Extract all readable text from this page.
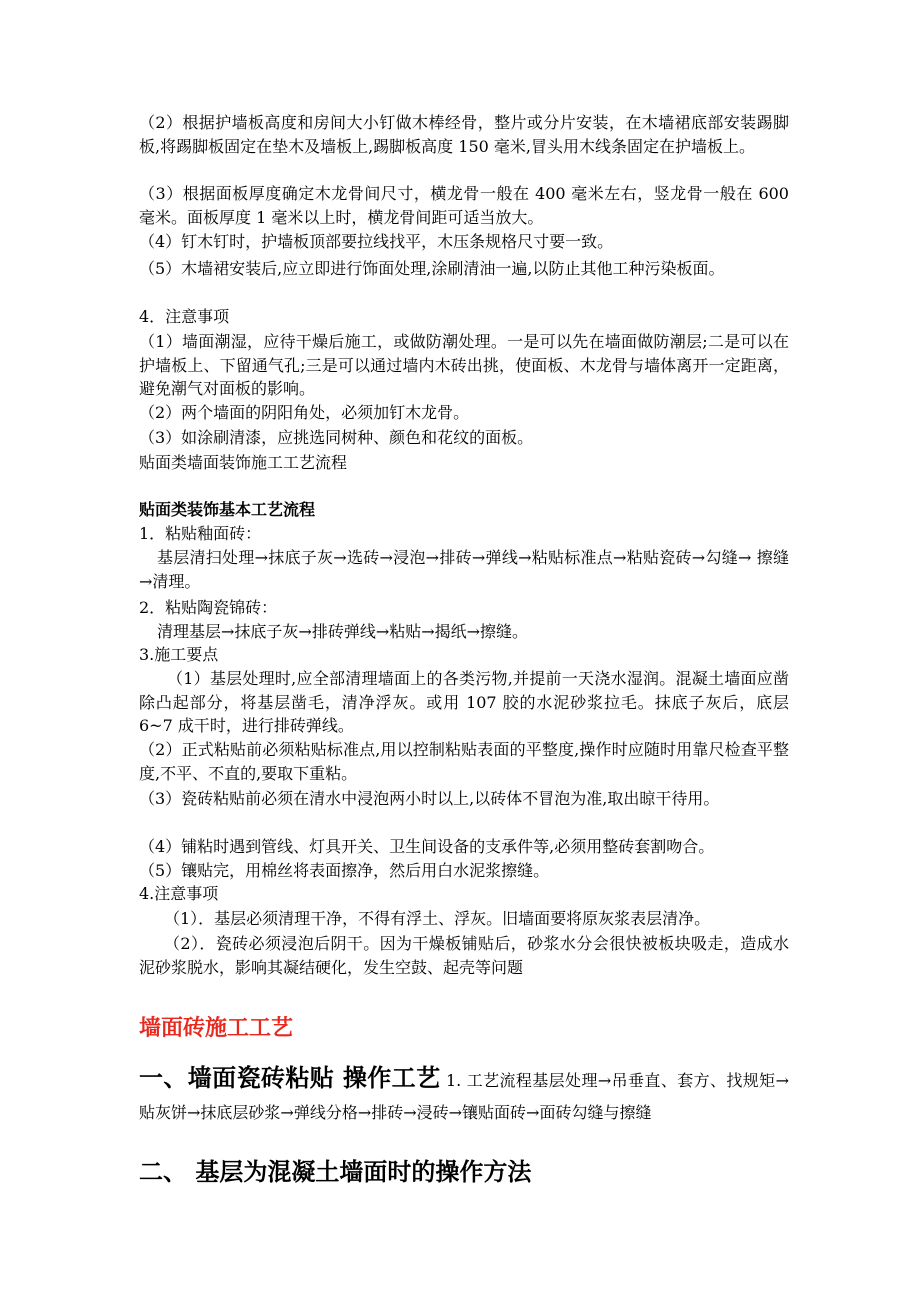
（2）根据护墙板高度和房间大小钉做木棒经骨，整片或分片安装，在木墙裙底部安装踢脚板,将踢脚板固定在垫木及墙板上,踢脚板高度 150 毫米,冒头用木线条固定在护墙板上。

（3）根据面板厚度确定木龙骨间尺寸，横龙骨一般在 400 毫米左右，竖龙骨一般在 600 毫米。面板厚度 1 毫米以上时，横龙骨间距可适当放大。

（4）钉木钉时，护墙板顶部要拉线找平，木压条规格尺寸要一致。

（5）木墙裙安装后,应立即进行饰面处理,涂刷清油一遍,以防止其他工种污染板面。

4．注意事项

（1）墙面潮湿，应待干燥后施工，或做防潮处理。一是可以先在墙面做防潮层;二是可以在护墙板上、下留通气孔;三是可以通过墙内木砖出挑，使面板、木龙骨与墙体离开一定距离，避免潮气对面板的影响。

（2）两个墙面的阴阳角处，必须加钉木龙骨。

（3）如涂刷清漆，应挑选同树种、颜色和花纹的面板。

贴面类墙面装饰施工工艺流程

贴面类装饰基本工艺流程

1．粘贴釉面砖：

基层清扫处理→抹底子灰→选砖→浸泡→排砖→弹线→粘贴标准点→粘贴瓷砖→勾缝→ 擦缝→清理。

2．粘贴陶瓷锦砖：

清理基层→抹底子灰→排砖弹线→粘贴→揭纸→擦缝。

3.施工要点

（1）基层处理时,应全部清理墙面上的各类污物,并提前一天浇水湿润。混凝土墙面应凿除凸起部分，将基层凿毛，清净浮灰。或用 107 胶的水泥砂浆拉毛。抹底子灰后，底层 6~7 成干时，进行排砖弹线。

（2）正式粘贴前必须粘贴标准点,用以控制粘贴表面的平整度,操作时应随时用靠尺检查平整度,不平、不直的,要取下重粘。

（3）瓷砖粘贴前必须在清水中浸泡两小时以上,以砖体不冒泡为准,取出晾干待用。

（4）铺粘时遇到管线、灯具开关、卫生间设备的支承件等,必须用整砖套割吻合。

（5）镶贴完，用棉丝将表面擦净，然后用白水泥浆擦缝。

4.注意事项

（1）．基层必须清理干净，不得有浮土、浮灰。旧墙面要将原灰浆表层清净。

（2）．瓷砖必须浸泡后阴干。因为干燥板铺贴后，砂浆水分会很快被板块吸走，造成水泥砂浆脱水，影响其凝结硬化，发生空鼓、起壳等问题

墙面砖施工工艺

一、墙面瓷砖粘贴 操作工艺 1. 工艺流程基层处理→吊垂直、套方、找规矩→贴灰饼→抹底层砂浆→弹线分格→排砖→浸砖→镶贴面砖→面砖勾缝与擦缝

二、 基层为混凝土墙面时的操作方法
